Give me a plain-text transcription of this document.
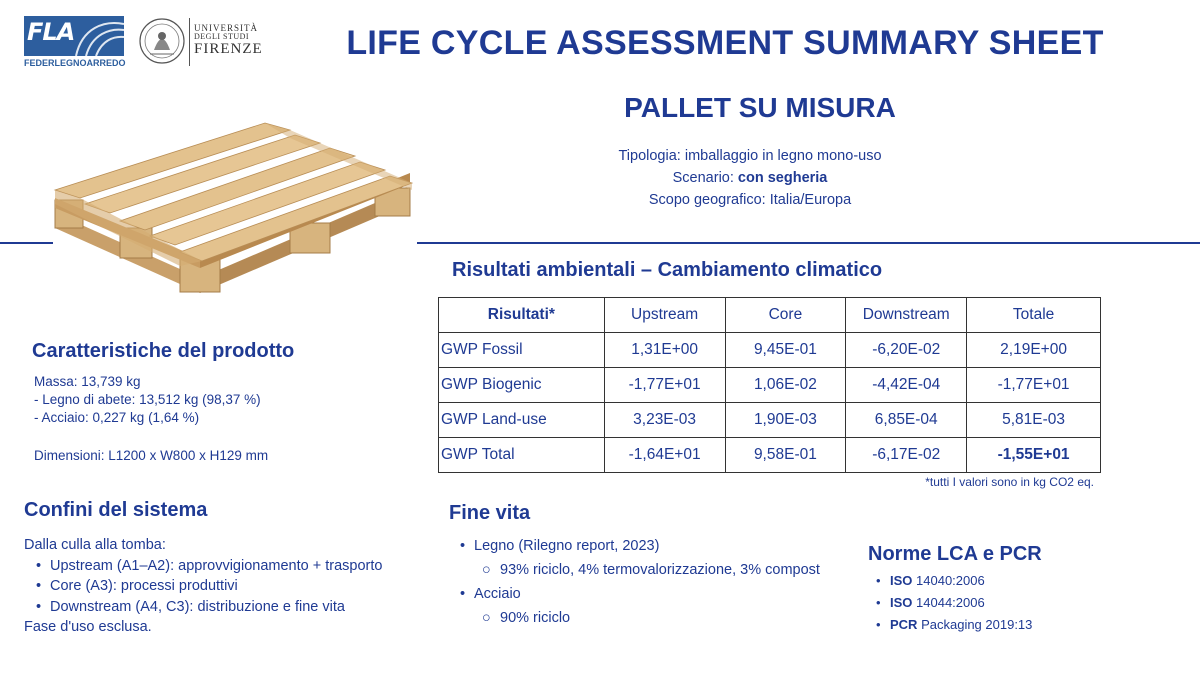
FLA
FEDERLEGNOARREDO
UNIVERSITÀ
DEGLI STUDI
FIRENZE	LIFE CYCLE ASSESSMENT SUMMARY SHEET
PALLET SU MISURA
Tipologia: imballaggio in legno mono-uso
Scenario: con segheria
Scopo geografico: Italia/Europa
Risultati ambientali – Cambiamento climatico
Risultati*	Upstream	Core	Downstream	Totale
GWP Fossil	1,31E+00	9,45E-01	-6,20E-02	2,19E+00
GWP Biogenic	-1,77E+01	1,06E-02	-4,42E-04	-1,77E+01
GWP Land-use	3,23E-03	1,90E-03	6,85E-04	5,81E-03
GWP Total	-1,64E+01	9,58E-01	-6,17E-02	-1,55E+01
*tutti I valori sono in kg CO2 eq.
Caratteristiche del prodotto
Massa: 13,739 kg
- Legno di abete: 13,512 kg (98,37 %)
- Acciaio: 0,227 kg (1,64 %)
Dimensioni: L1200 x W800 x H129 mm
Confini del sistema
Dalla culla alla tomba:
• Upstream (A1–A2): approvvigionamento + trasporto
• Core (A3): processi produttivi
• Downstream (A4, C3): distribuzione e fine vita
Fase d'uso esclusa.
Fine vita
• Legno (Rilegno report, 2023)
○ 93% riciclo, 4% termovalorizzazione, 3% compost
• Acciaio
○ 90% riciclo
Norme LCA e PCR
• ISO 14040:2006
• ISO 14044:2006
• PCR Packaging 2019:13
